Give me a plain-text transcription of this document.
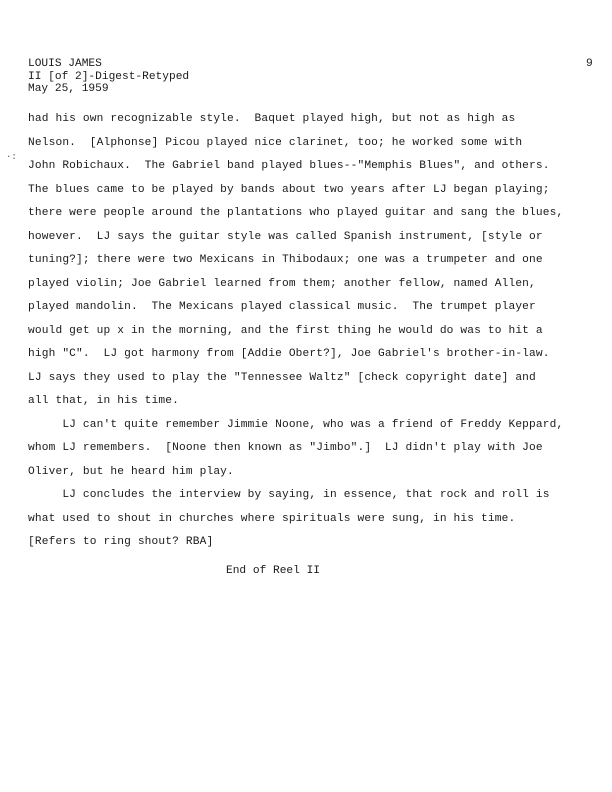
·:
LOUIS JAMES
II [of 2]-Digest-Retyped
May 25, 1959
9
had his own recognizable style.  Baquet played high, but not as high as
Nelson.  [Alphonse] Picou played nice clarinet, too; he worked some with
John Robichaux.  The Gabriel band played blues--"Memphis Blues", and others.
The blues came to be played by bands about two years after LJ began playing;
there were people around the plantations who played guitar and sang the blues,
however.  LJ says the guitar style was called Spanish instrument, [style or
tuning?]; there were two Mexicans in Thibodaux; one was a trumpeter and one
played violin; Joe Gabriel learned from them; another fellow, named Allen,
played mandolin.  The Mexicans played classical music.  The trumpet player
would get up x in the morning, and the first thing he would do was to hit a
high "C".  LJ got harmony from [Addie Obert?], Joe Gabriel's brother-in-law.
LJ says they used to play the "Tennessee Waltz" [check copyright date] and
all that, in his time.
LJ can't quite remember Jimmie Noone, who was a friend of Freddy Keppard,
whom LJ remembers.  [Noone then known as "Jimbo".]  LJ didn't play with Joe
Oliver, but he heard him play.
LJ concludes the interview by saying, in essence, that rock and roll is
what used to shout in churches where spirituals were sung, in his time.
[Refers to ring shout? RBA]
End of Reel II
